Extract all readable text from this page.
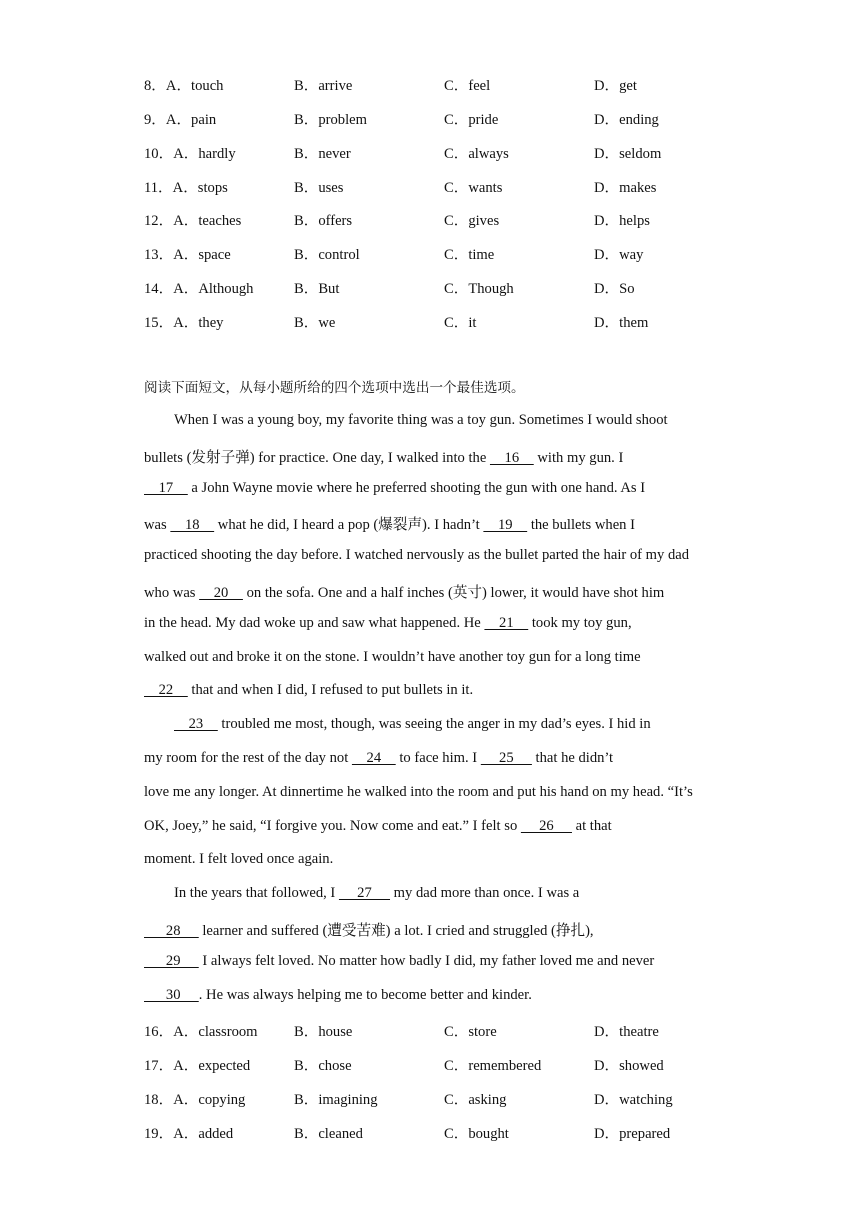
8．A．touch	B．arrive	C．feel	D．get
9．A．pain	B．problem	C．pride	D．ending
10．A．hardly	B．never	C．always	D．seldom
11．A．stops	B．uses	C．wants	D．makes
12．A．teaches	B．offers	C．gives	D．helps
13．A．space	B．control	C．time	D．way
14．A．Although	B．But	C．Though	D．So
15．A．they	B．we	C．it	D．them
阅读下面短文，从每小题所给的四个选项中选出一个最佳选项。
When I was a young boy, my favorite thing was a toy gun. Sometimes I would shoot
bullets (发射子弹) for practice. One day, I walked into the     16     with my gun. I
17     a John Wayne movie where he preferred shooting the gun with one hand. As I
was     18     what he did, I heard a pop (爆裂声). I hadn’t     19     the bullets when I
practiced shooting the day before. I watched nervously as the bullet parted the hair of my dad
who was     20     on the sofa. One and a half inches (英寸) lower, it would have shot him
in the head. My dad woke up and saw what happened. He     21     took my toy gun,
walked out and broke it on the stone. I wouldn’t have another toy gun for a long time
22     that and when I did, I refused to put bullets in it.
23     troubled me most, though, was seeing the anger in my dad’s eyes. I hid in
my room for the rest of the day not     24     to face him. I      25      that he didn’t
love me any longer. At dinnertime he walked into the room and put his hand on my head. “It’s
OK, Joey,” he said, “I forgive you. Now come and eat.” I felt so      26      at that
moment. I felt loved once again.
In the years that followed, I      27      my dad more than once. I was a
28      learner and suffered (遭受苦难) a lot. I cried and struggled (挣扎),
29      I always felt loved. No matter how badly I did, my father loved me and never
30     . He was always helping me to become better and kinder.
16．A．classroom B．house	C．store	D．theatre
17．A．expected	B．chose	C．remembered	D．showed
18．A．copying	B．imagining	C．asking	D．watching
19．A．added	B．cleaned	C．bought	D．prepared
